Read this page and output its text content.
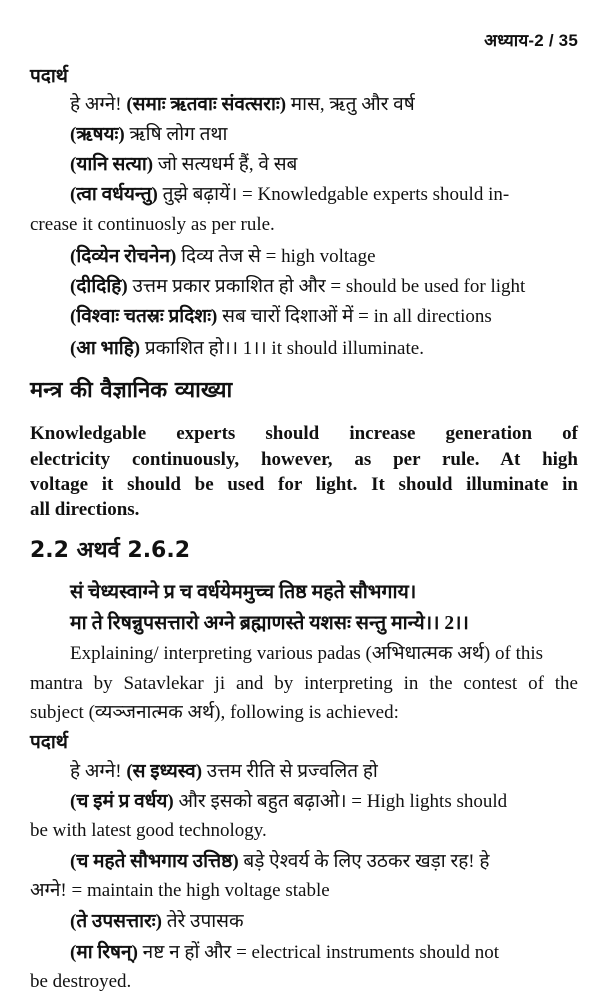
अध्याय-2 / 35
पदार्थ
हे अग्ने! (समाः ऋतवाः संवत्सराः) मास, ऋतु और वर्ष
(ऋषयः) ऋषि लोग तथा
(यानि सत्या) जो सत्यधर्म हैं, वे सब
(त्वा वर्धयन्तु) तुझे बढ़ायें। = Knowledgable experts should in-
crease it continuosly as per rule.
(दिव्येन रोचनेन) दिव्य तेज से = high voltage
(दीदिहि) उत्तम प्रकार प्रकाशित हो और = should be used for light
(विश्वाः चतस्रः प्रदिशः) सब चारों दिशाओं में = in all directions
(आ भाहि) प्रकाशित हो।। 1।। it should illuminate.
मन्त्र की वैज्ञानिक व्याख्या
Knowledgable experts should increase generation of
electricity continuously, however, as per rule. At high
voltage it should be used for light. It should illuminate in
all directions.
2.2 अथर्व 2.6.2
सं चेध्यस्वाग्ने प्र च वर्धयेममुच्च तिष्ठ महते सौभगाय।
मा ते रिषन्नुपसत्तारो अग्ने ब्रह्माणस्ते यशसः सन्तु मान्ये।। 2।।
Explaining/ interpreting various padas (अभिधात्मक अर्थ) of this
mantra by Satavlekar ji and by interpreting in the contest of the
subject (व्यञ्जनात्मक अर्थ), following is achieved:
पदार्थ
हे अग्ने! (स इध्यस्व) उत्तम रीति से प्रज्वलित हो
(च इमं प्र वर्धय) और इसको बहुत बढ़ाओ। = High lights should
be with latest good technology.
(च महते सौभगाय उत्तिष्ठ) बड़े ऐश्वर्य के लिए उठकर खड़ा रह! हे
अग्ने! = maintain the high voltage stable
(ते उपसत्तारः) तेरे उपासक
(मा रिषन्) नष्ट न हों और = electrical instruments should not
be destroyed.
